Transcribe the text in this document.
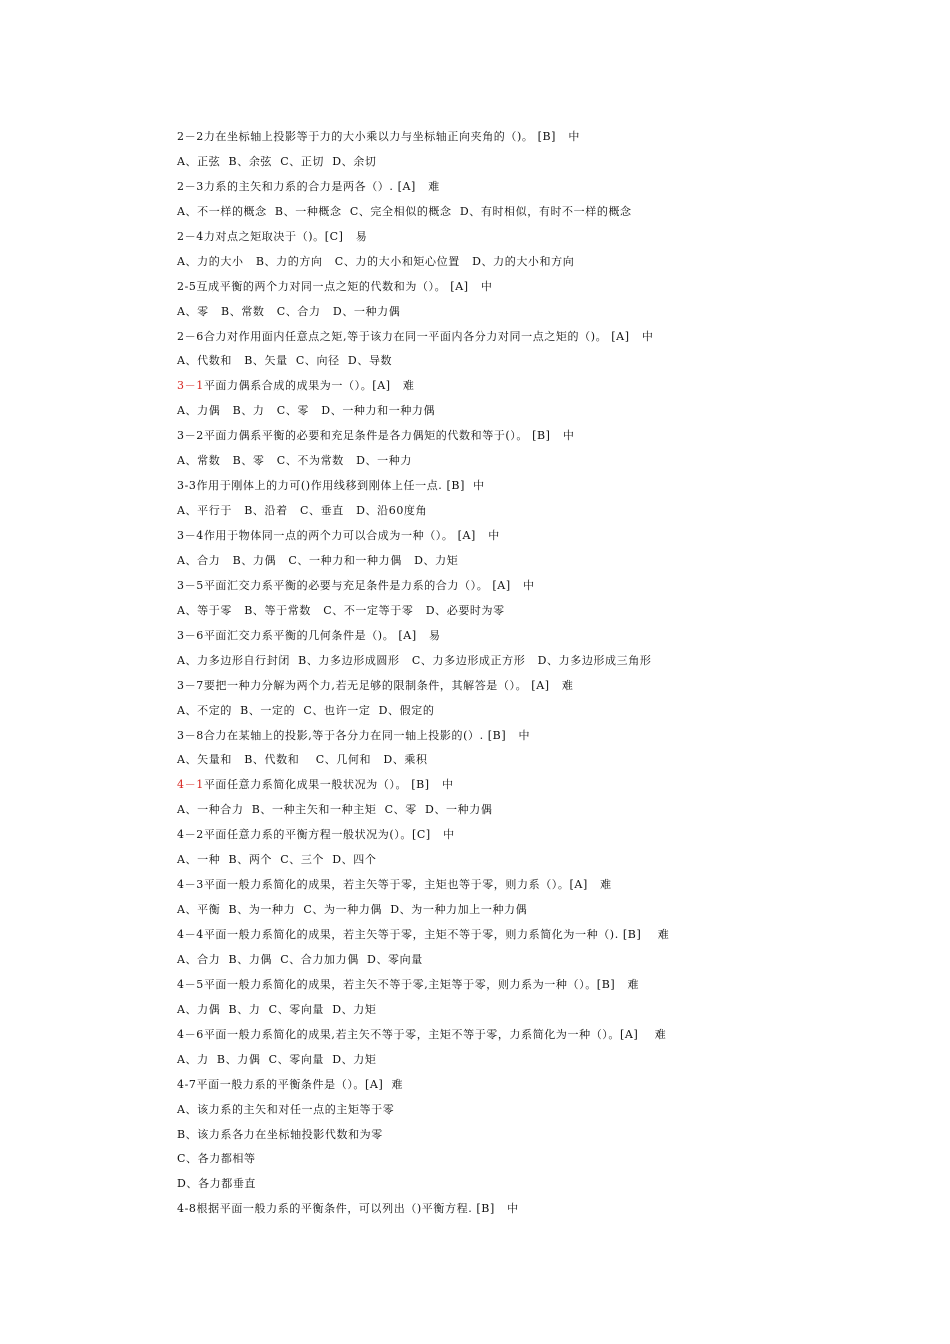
2－2力在坐标轴上投影等于力的大小乘以力与坐标轴正向夹角的（)。 [B]   中
A、正弦  B、余弦  C、正切  D、余切
2－3力系的主矢和力系的合力是两各（）. [A]   难
A、不一样的概念  B、一种概念  C、完全相似的概念  D、有时相似，有时不一样的概念
2－4力对点之矩取决于（)。[C]   易
A、力的大小   B、力的方向   C、力的大小和矩心位置   D、力的大小和方向
2-5互成平衡的两个力对同一点之矩的代数和为（）。 [A]   中
A、零   B、常数   C、合力   D、一种力偶
2－6合力对作用面内任意点之矩,等于该力在同一平面内各分力对同一点之矩的（)。 [A]   中
A、代数和   B、矢量  C、向径  D、导数
3－1平面力偶系合成的成果为一（）。[A]   难
A、力偶   B、力   C、零   D、一种力和一种力偶
3－2平面力偶系平衡的必要和充足条件是各力偶矩的代数和等于(）。 [B]   中
A、常数   B、零   C、不为常数   D、一种力
3-3作用于刚体上的力可()作用线移到刚体上任一点. [B]  中
A、平行于   B、沿着   C、垂直   D、沿60度角
3－4作用于物体同一点的两个力可以合成为一种（）。 [A]   中
A、合力   B、力偶   C、一种力和一种力偶   D、力矩
3－5平面汇交力系平衡的必要与充足条件是力系的合力（）。 [A]   中
A、等于零   B、等于常数   C、不一定等于零   D、必要时为零
3－6平面汇交力系平衡的几何条件是（)。 [A]   易
A、力多边形自行封闭  B、力多边形成圆形   C、力多边形成正方形   D、力多边形成三角形
3－7要把一种力分解为两个力,若无足够的限制条件，其解答是（）。 [A]   难
A、不定的  B、一定的  C、也许一定  D、假定的
3－8合力在某轴上的投影,等于各分力在同一轴上投影的(）. [B]   中
A、矢量和   B、代数和    C、几何和   D、乘积
4－1平面任意力系简化成果一般状况为（）。 [B]   中
A、一种合力  B、一种主矢和一种主矩  C、零  D、一种力偶
4－2平面任意力系的平衡方程一般状况为(）。[C]   中
A、一种  B、两个  C、三个  D、四个
4－3平面一般力系简化的成果，若主矢等于零，主矩也等于零，则力系（）。[A]   难
A、平衡  B、为一种力  C、为一种力偶  D、为一种力加上一种力偶
4－4平面一般力系简化的成果，若主矢等于零，主矩不等于零，则力系简化为一种（). [B]    难
A、合力  B、力偶  C、合力加力偶  D、零向量
4－5平面一般力系简化的成果，若主矢不等于零,主矩等于零，则力系为一种（）。[B]   难
A、力偶  B、力  C、零向量  D、力矩
4－6平面一般力系简化的成果,若主矢不等于零，主矩不等于零，力系简化为一种（）。[A]    难
A、力  B、力偶  C、零向量  D、力矩
4-7平面一般力系的平衡条件是（）。[A]  难
A、该力系的主矢和对任一点的主矩等于零
B、该力系各力在坐标轴投影代数和为零
C、各力都相等
D、各力都垂直
4-8根据平面一般力系的平衡条件，可以列出（)平衡方程. [B]   中
